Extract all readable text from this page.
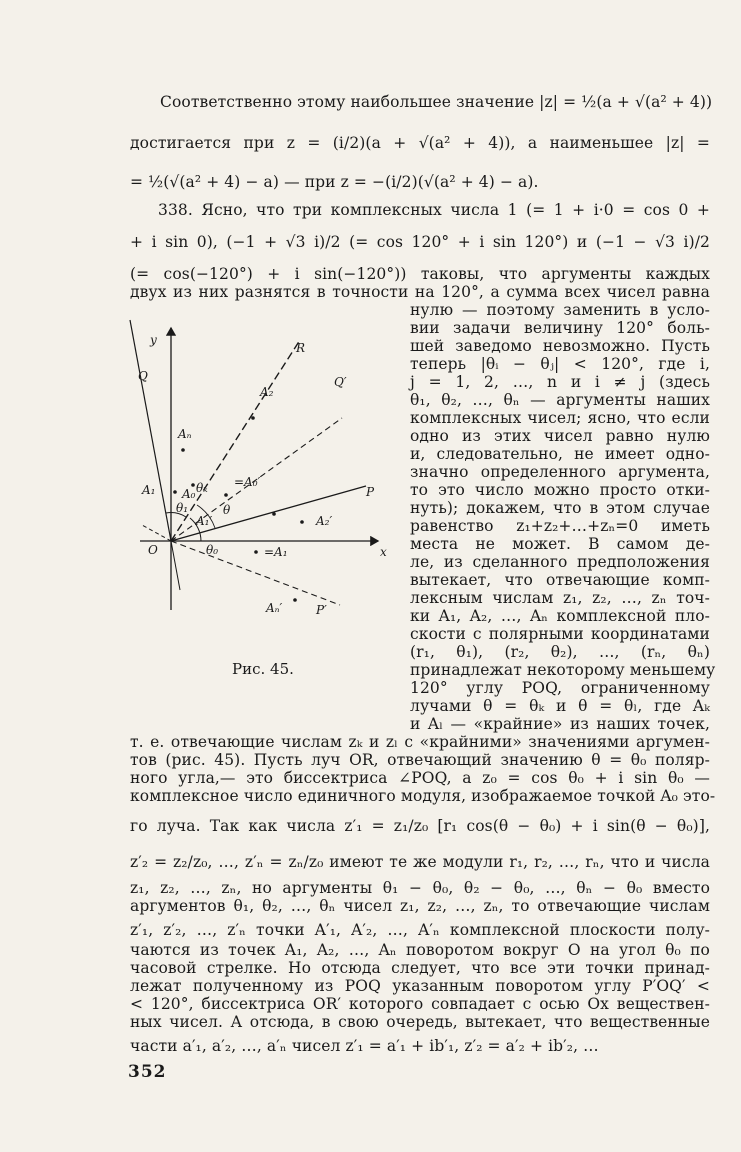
Соответственно этому наибольшее значение |z| = ½(a + √(a² + 4))
достигается при z = (i/2)(a + √(a² + 4)), а наименьшее |z| =
= ½(√(a² + 4) − a) — при z = −(i/2)(√(a² + 4) − a).
338. Ясно, что три комплексных числа 1 (= 1 + i·0 = cos 0 +
+ i sin 0), (−1 + √3 i)/2 (= cos 120° + i sin 120°) и (−1 − √3 i)/2
(= cos(−120°) + i sin(−120°)) таковы, что аргументы каждых
двух из них разнятся в точности на 120°, а сумма всех чисел равна
нулю — поэтому заменить в усло-
вии задачи величину 120° боль-
шей заведомо невозможно. Пусть
теперь |θᵢ − θⱼ| < 120°, где i,
j = 1, 2, …, n и i ≠ j (здесь
θ₁, θ₂, …, θₙ — аргументы наших
комплексных чисел; ясно, что если
одно из этих чисел равно нулю
и, следовательно, не имеет одно-
значно определенного аргумента,
то это число можно просто отки-
нуть); докажем, что в этом случае
равенство z₁+z₂+…+zₙ=0 иметь
места не может. В самом де-
ле, из сделанного предположения
вытекает, что отвечающие комп-
лексным числам z₁, z₂, …, zₙ точ-
ки A₁, A₂, …, Aₙ комплексной пло-
скости с полярными координатами
(r₁, θ₁), (r₂, θ₂), …, (rₙ, θₙ)
принадлежат некоторому меньшему
120° углу POQ, ограниченному
лучами θ = θₖ и θ = θₗ, где Aₖ
и Aₗ — «крайние» из наших точек,
т. е. отвечающие числам zₖ и zₗ с «крайними» значениями аргумен-
тов (рис. 45). Пусть луч OR, отвечающий значению θ = θ₀ поляр-
ного угла,— это биссектриса ∠POQ, а z₀ = cos θ₀ + i sin θ₀ —
комплексное число единичного модуля, изображаемое точкой A₀ это-
го луча. Так как числа z′₁ = z₁/z₀ [r₁ cos(θ − θ₀) + i sin(θ − θ₀)],
z′₂ = z₂/z₀, …, z′ₙ = zₙ/z₀ имеют те же модули r₁, r₂, …, rₙ, что и числа
z₁, z₂, …, zₙ, но аргументы θ₁ − θ₀, θ₂ − θ₀, …, θₙ − θ₀ вместо
аргументов θ₁, θ₂, …, θₙ чисел z₁, z₂, …, zₙ, то отвечающие числам
z′₁, z′₂, …, z′ₙ точки A′₁, A′₂, …, A′ₙ комплексной плоскости полу-
чаются из точек A₁, A₂, …, Aₙ поворотом вокруг O на угол θ₀ по
часовой стрелке. Но отсюда следует, что все эти точки принад-
лежат полученному из POQ указанным поворотом углу P′OQ′ <
< 120°, биссектриса OR′ которого совпадает с осью Ox веществен-
ных чисел. А отсюда, в свою очередь, вытекает, что вещественные
части a′₁, a′₂, …, a′ₙ чисел z′₁ = a′₁ + ib′₁, z′₂ = a′₂ + ib′₂, …
y
x
Q
R
Q′
P
P′
O
A₂
Aₙ
A₁ A₀
=A₀′
A₁′	A₂′
=A₁
Aₙ′
θ
θ₀
θ₁
θₖ
Рис. 45.
352
